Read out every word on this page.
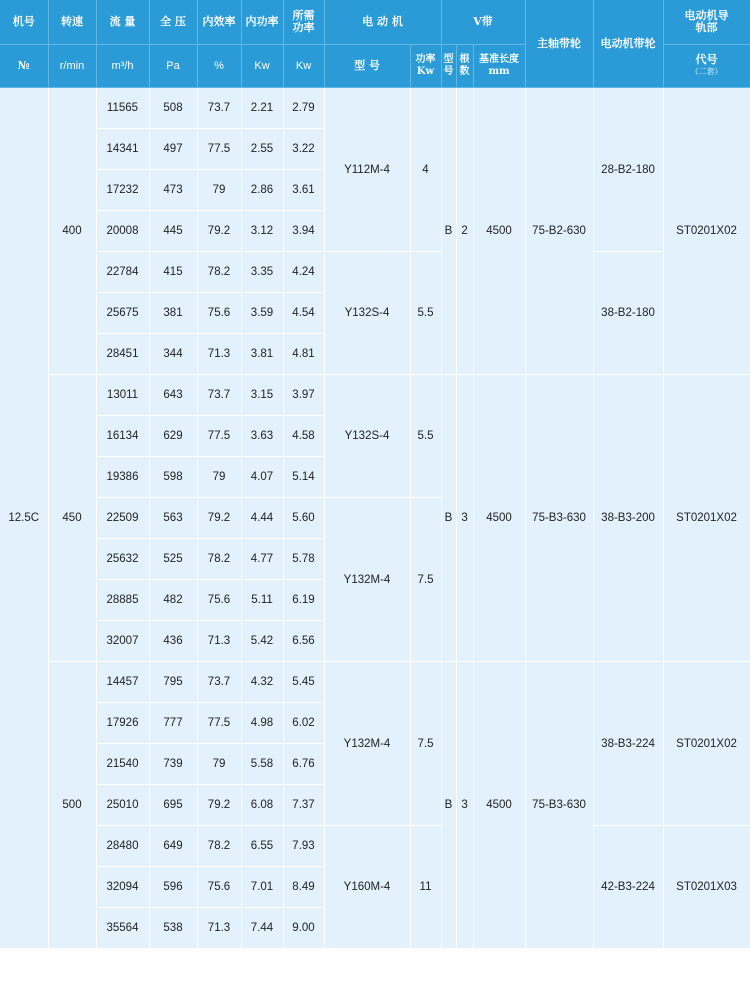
机号	转速	流 量	全 压	内效率	内功率	所需功率	电 动 机		V带			主轴带轮	电动机带轮	电动机导轨部
№	r/min	m³/h	Pa	%	Kw	Kw	型 号	功率Kw	型号	根数	基准长度mm			代号
（二套）

12.5C	400	11565	508	73.7	2.21	2.79	Y112M-4	4	B	2	4500	75-B2-630	28-B2-180	ST0201X02
		14341	497	77.5	2.55	3.22								
		17232	473	79	2.86	3.61								
		20008	445	79.2	3.12	3.94								
		22784	415	78.2	3.35	4.24	Y132S-4	5.5					38-B2-180	
		25675	381	75.6	3.59	4.54								
		28451	344	71.3	3.81	4.81								
	450	13011	643	73.7	3.15	3.97	Y132S-4	5.5	B	3	4500	75-B3-630	38-B3-200	ST0201X02
		16134	629	77.5	3.63	4.58								
		19386	598	79	4.07	5.14								
		22509	563	79.2	4.44	5.60	Y132M-4	7.5						
		25632	525	78.2	4.77	5.78								
		28885	482	75.6	5.11	6.19								
		32007	436	71.3	5.42	6.56								
	500	14457	795	73.7	4.32	5.45	Y132M-4	7.5	B	3	4500	75-B3-630	38-B3-224	ST0201X02
		17926	777	77.5	4.98	6.02								
		21540	739	79	5.58	6.76								
		25010	695	79.2	6.08	7.37								
		28480	649	78.2	6.55	7.93	Y160M-4	11					42-B3-224	ST0201X03
		32094	596	75.6	7.01	8.49								
		35564	538	71.3	7.44	9.00								
